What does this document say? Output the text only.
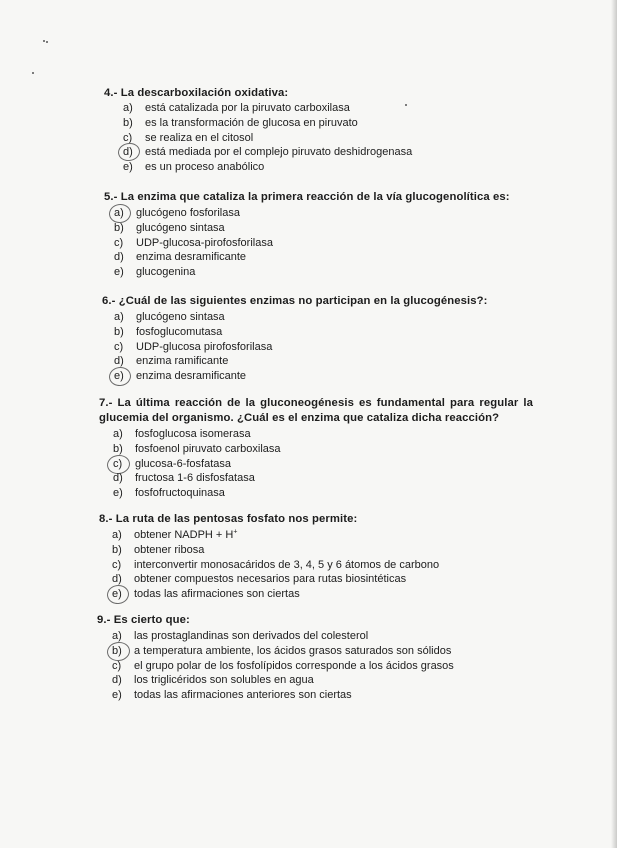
4.- La descarboxilación oxidativa:

a) está catalizada por la piruvato carboxilasa
b) es la transformación de glucosa en piruvato
c) se realiza en el citosol
d) está mediada por el complejo piruvato deshidrogenasa
e) es un proceso anabólico

5.- La enzima que cataliza la primera reacción de la vía glucogenolítica es:

a) glucógeno fosforilasa
b) glucógeno sintasa
c) UDP-glucosa-pirofosforilasa
d) enzima desramificante
e) glucogenina

6.- ¿Cuál de las siguientes enzimas no participan en la glucogénesis?:

a) glucógeno sintasa
b) fosfoglucomutasa
c) UDP-glucosa pirofosforilasa
d) enzima ramificante
e) enzima desramificante

7.- La última reacción de la gluconeogénesis es fundamental para regular la glucemia del organismo. ¿Cuál es el enzima que cataliza dicha reacción?

a) fosfoglucosa isomerasa
b) fosfoenol piruvato carboxilasa
c) glucosa-6-fosfatasa
d) fructosa 1-6 disfosfatasa
e) fosfofructoquinasa

8.- La ruta de las pentosas fosfato nos permite:

a) obtener NADPH + H+
b) obtener ribosa
c) interconvertir monosacáridos de 3, 4, 5 y 6 átomos de carbono
d) obtener compuestos necesarios para rutas biosintéticas
e) todas las afirmaciones son ciertas

9.- Es cierto que:

a) las prostaglandinas son derivados del colesterol
b) a temperatura ambiente, los ácidos grasos saturados son sólidos
c) el grupo polar de los fosfolípidos corresponde a los ácidos grasos
d) los triglicéridos son solubles en agua
e) todas las afirmaciones anteriores son ciertas
